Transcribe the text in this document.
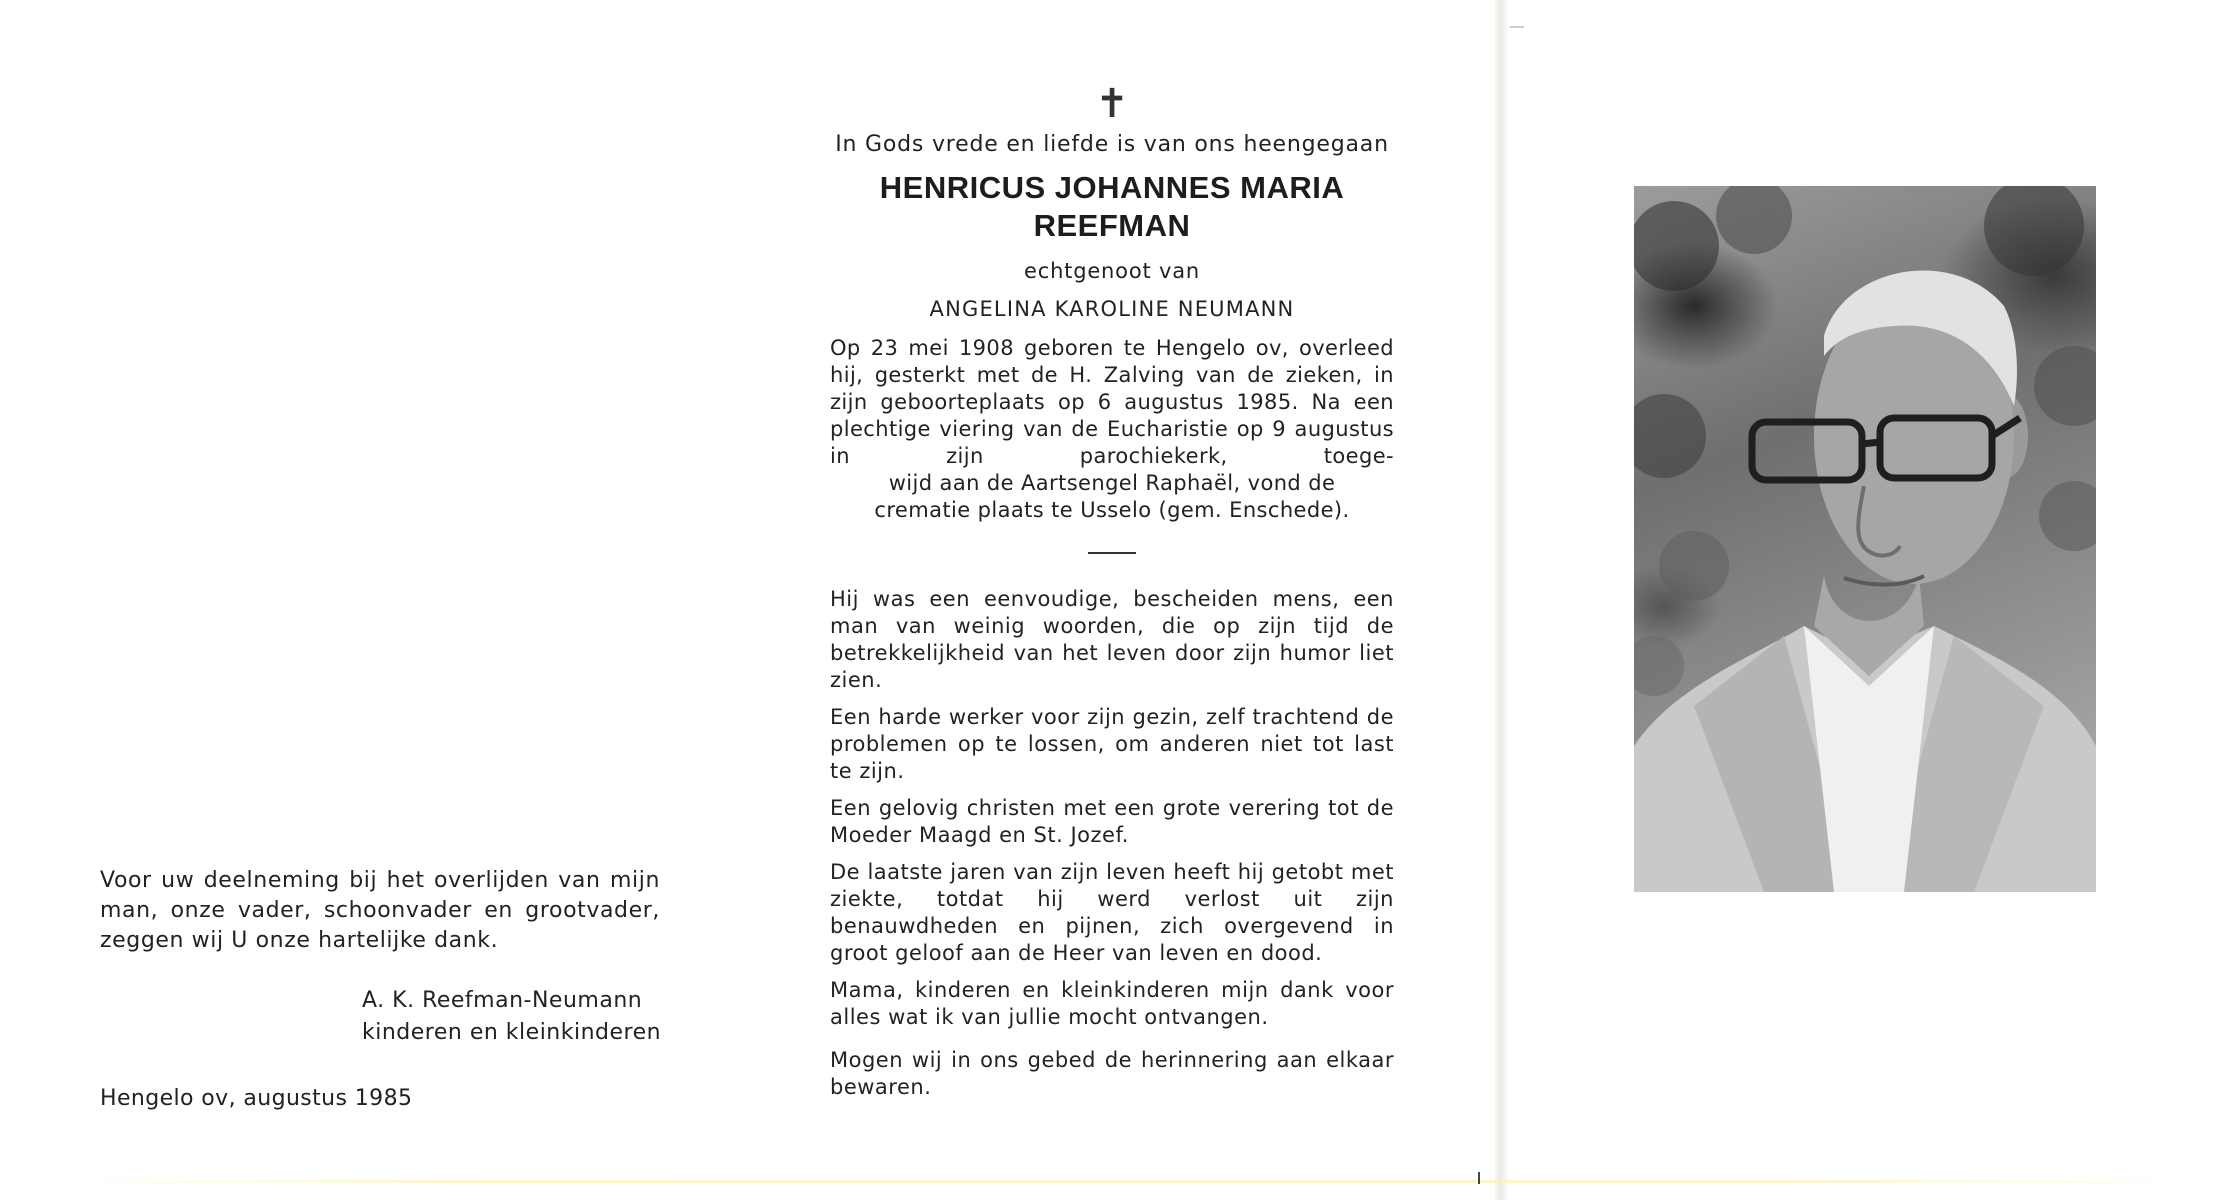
Voor uw deelneming bij het overlijden van mijn man, onze vader, schoonvader en grootvader, zeggen wij U onze hartelijke dank.
A. K. Reefman-Neumann
kinderen en kleinkinderen
Hengelo ov, augustus 1985
✝
In Gods vrede en liefde is van ons heengegaan
HENRICUS JOHANNES MARIA
REEFMAN
echtgenoot van
ANGELINA KAROLINE NEUMANN
Op 23 mei 1908 geboren te Hengelo ov, overleed hij, gesterkt met de H. Zalving van de zieken, in zijn geboorteplaats op 6 augustus 1985. Na een plechtige viering van de Eucharistie op 9 augustus in zijn parochiekerk, toege-
wijd aan de Aartsengel Raphaël, vond de
crematie plaats te Usselo (gem. Enschede).
Hij was een eenvoudige, bescheiden mens, een man van weinig woorden, die op zijn tijd de betrekkelijkheid van het leven door zijn humor liet zien.
Een harde werker voor zijn gezin, zelf trachtend de problemen op te lossen, om anderen niet tot last te zijn.
Een gelovig christen met een grote verering tot de Moeder Maagd en St. Jozef.
De laatste jaren van zijn leven heeft hij getobt met ziekte, totdat hij werd verlost uit zijn benauwdheden en pijnen, zich overgevend in groot geloof aan de Heer van leven en dood.
Mama, kinderen en kleinkinderen mijn dank voor alles wat ik van jullie mocht ontvangen.
Mogen wij in ons gebed de herinnering aan elkaar bewaren.
